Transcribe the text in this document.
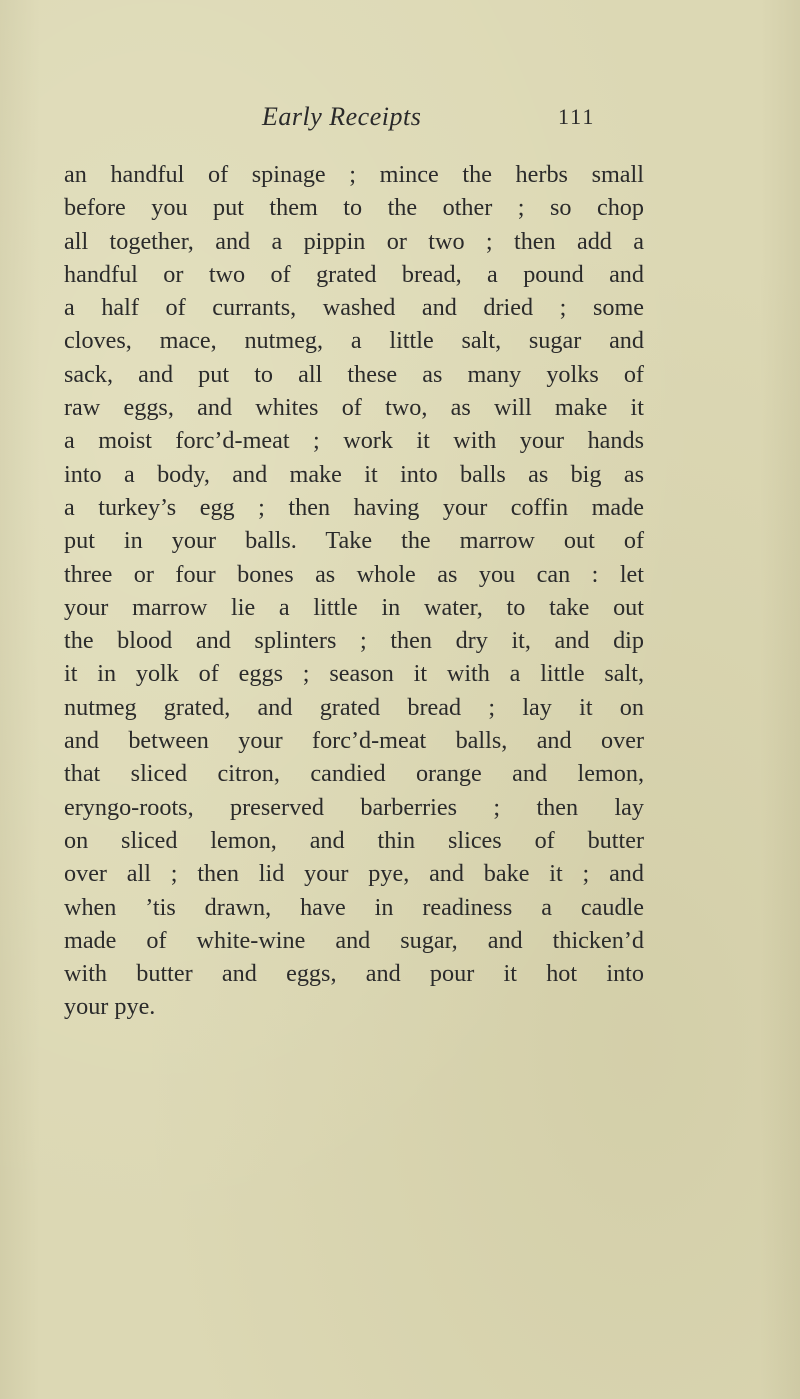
Early Receipts	111
an handful of spinage ; mince the herbs small
before you put them to the other ; so chop
all together, and a pippin or two ; then add a
handful or two of grated bread, a pound and
a half of currants, washed and dried ; some
cloves, mace, nutmeg, a little salt, sugar and
sack, and put to all these as many yolks of
raw eggs, and whites of two, as will make it
a moist forc’d-meat ; work it with your hands
into a body, and make it into balls as big as
a turkey’s egg ; then having your coffin made
put in your balls. Take the marrow out of
three or four bones as whole as you can : let
your marrow lie a little in water, to take out
the blood and splinters ; then dry it, and dip
it in yolk of eggs ; season it with a little salt,
nutmeg grated, and grated bread ; lay it on
and between your forc’d-meat balls, and over
that sliced citron, candied orange and lemon,
eryngo-roots, preserved barberries ; then lay
on sliced lemon, and thin slices of butter
over all ; then lid your pye, and bake it ; and
when ’tis drawn, have in readiness a caudle
made of white-wine and sugar, and thicken’d
with butter and eggs, and pour it hot into
your pye.
